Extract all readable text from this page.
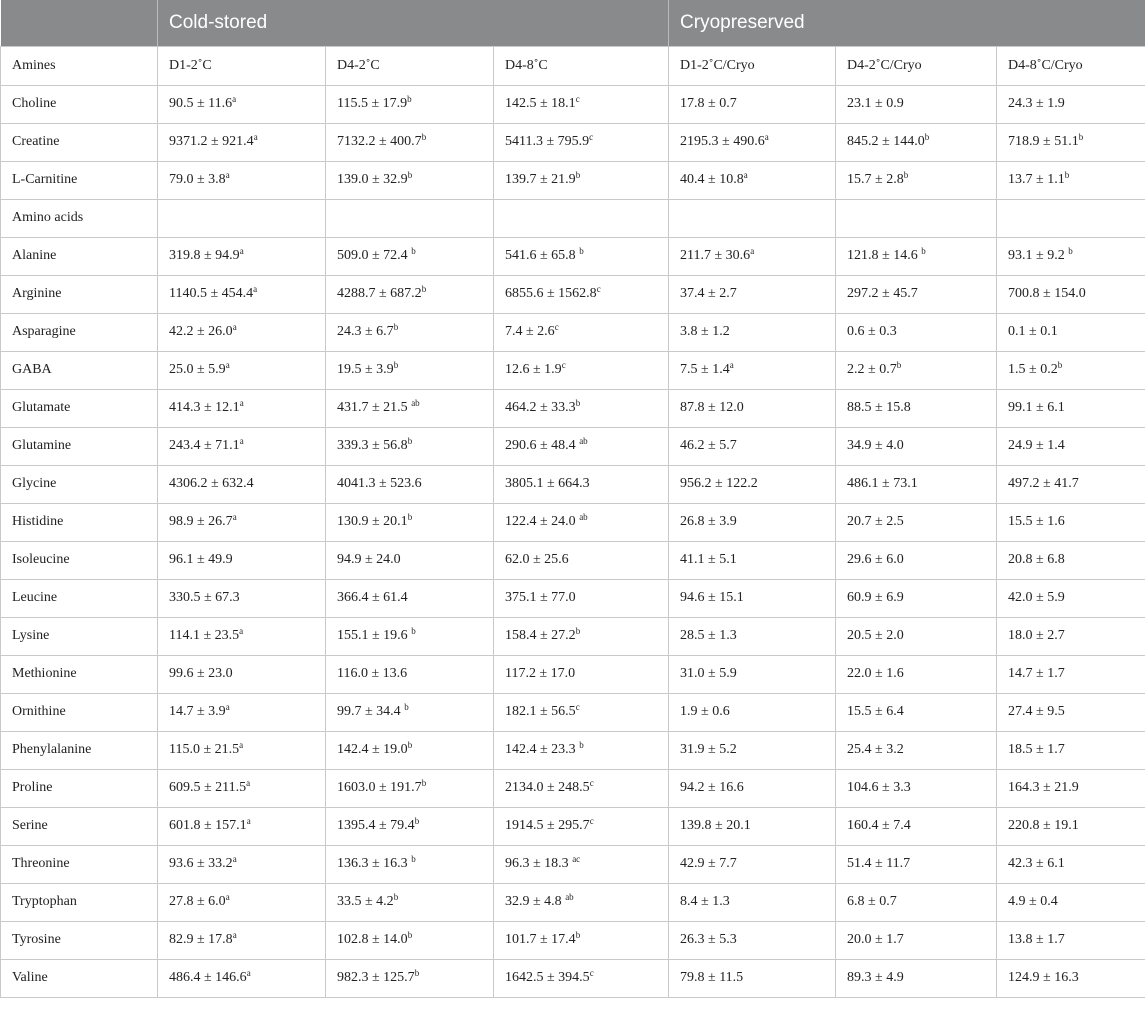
	Cold-stored			Cryopreserved		
Amines	D1-2˚C	D4-2˚C	D4-8˚C	D1-2˚C/Cryo	D4-2˚C/Cryo	D4-8˚C/Cryo
Choline	90.5 ± 11.6$^a$	115.5 ± 17.9$^b$	142.5 ± 18.1$^c$	17.8 ± 0.7	23.1 ± 0.9	24.3 ± 1.9
Creatine	9371.2 ± 921.4$^a$	7132.2 ± 400.7$^b$	5411.3 ± 795.9$^c$	2195.3 ± 490.6$^a$	845.2 ± 144.0$^b$	718.9 ± 51.1$^b$
L-Carnitine	79.0 ± 3.8$^a$	139.0 ± 32.9$^b$	139.7 ± 21.9$^b$	40.4 ± 10.8$^a$	15.7 ± 2.8$^b$	13.7 ± 1.1$^b$
Amino acids						
Alanine	319.8 ± 94.9$^a$	509.0 ± 72.4 $^b$	541.6 ± 65.8 $^b$	211.7 ± 30.6$^a$	121.8 ± 14.6 $^b$	93.1 ± 9.2 $^b$
Arginine	1140.5 ± 454.4$^a$	4288.7 ± 687.2$^b$	6855.6 ± 1562.8$^c$	37.4 ± 2.7	297.2 ± 45.7	700.8 ± 154.0
Asparagine	42.2 ± 26.0$^a$	24.3 ± 6.7$^b$	7.4 ± 2.6$^c$	3.8 ± 1.2	0.6 ± 0.3	0.1 ± 0.1
GABA	25.0 ± 5.9$^a$	19.5 ± 3.9$^b$	12.6 ± 1.9$^c$	7.5 ± 1.4$^a$	2.2 ± 0.7$^b$	1.5 ± 0.2$^b$
Glutamate	414.3 ± 12.1$^a$	431.7 ± 21.5 $^{ab}$	464.2 ± 33.3$^b$	87.8 ± 12.0	88.5 ± 15.8	99.1 ± 6.1
Glutamine	243.4 ± 71.1$^a$	339.3 ± 56.8$^b$	290.6 ± 48.4 $^{ab}$	46.2 ± 5.7	34.9 ± 4.0	24.9 ± 1.4
Glycine	4306.2 ± 632.4	4041.3 ± 523.6	3805.1 ± 664.3	956.2 ± 122.2	486.1 ± 73.1	497.2 ± 41.7
Histidine	98.9 ± 26.7$^a$	130.9 ± 20.1$^b$	122.4 ± 24.0 $^{ab}$	26.8 ± 3.9	20.7 ± 2.5	15.5 ± 1.6
Isoleucine	96.1 ± 49.9	94.9 ± 24.0	62.0 ± 25.6	41.1 ± 5.1	29.6 ± 6.0	20.8 ± 6.8
Leucine	330.5 ± 67.3	366.4 ± 61.4	375.1 ± 77.0	94.6 ± 15.1	60.9 ± 6.9	42.0 ± 5.9
Lysine	114.1 ± 23.5$^a$	155.1 ± 19.6 $^b$	158.4 ± 27.2$^b$	28.5 ± 1.3	20.5 ± 2.0	18.0 ± 2.7
Methionine	99.6 ± 23.0	116.0 ± 13.6	117.2 ± 17.0	31.0 ± 5.9	22.0 ± 1.6	14.7 ± 1.7
Ornithine	14.7 ± 3.9$^a$	99.7 ± 34.4 $^b$	182.1 ± 56.5$^c$	1.9 ± 0.6	15.5 ± 6.4	27.4 ± 9.5
Phenylalanine	115.0 ± 21.5$^a$	142.4 ± 19.0$^b$	142.4 ± 23.3 $^b$	31.9 ± 5.2	25.4 ± 3.2	18.5 ± 1.7
Proline	609.5 ± 211.5$^a$	1603.0 ± 191.7$^b$	2134.0 ± 248.5$^c$	94.2 ± 16.6	104.6 ± 3.3	164.3 ± 21.9
Serine	601.8 ± 157.1$^a$	1395.4 ± 79.4$^b$	1914.5 ± 295.7$^c$	139.8 ± 20.1	160.4 ± 7.4	220.8 ± 19.1
Threonine	93.6 ± 33.2$^a$	136.3 ± 16.3 $^b$	96.3 ± 18.3 $^{ac}$	42.9 ± 7.7	51.4 ± 11.7	42.3 ± 6.1
Tryptophan	27.8 ± 6.0$^a$	33.5 ± 4.2$^b$	32.9 ± 4.8 $^{ab}$	8.4 ± 1.3	6.8 ± 0.7	4.9 ± 0.4
Tyrosine	82.9 ± 17.8$^a$	102.8 ± 14.0$^b$	101.7 ± 17.4$^b$	26.3 ± 5.3	20.0 ± 1.7	13.8 ± 1.7
Valine	486.4 ± 146.6$^a$	982.3 ± 125.7$^b$	1642.5 ± 394.5$^c$	79.8 ± 11.5	89.3 ± 4.9	124.9 ± 16.3
